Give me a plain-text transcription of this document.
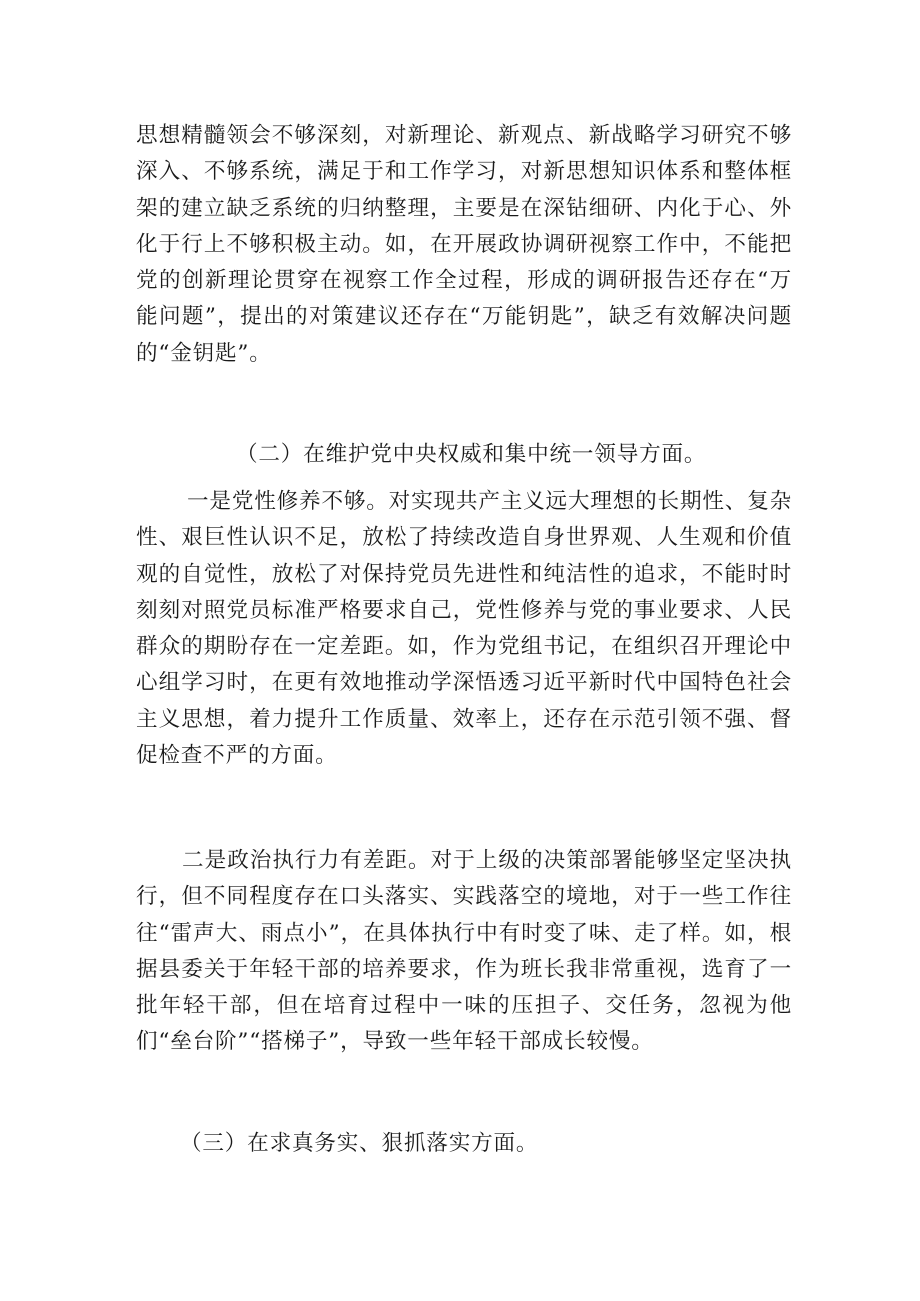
思想精髓领会不够深刻，对新理论、新观点、新战略学习研究不够深入、不够系统，满足于和工作学习，对新思想知识体系和整体框架的建立缺乏系统的归纳整理，主要是在深钻细研、内化于心、外化于行上不够积极主动。如，在开展政协调研视察工作中，不能把党的创新理论贯穿在视察工作全过程，形成的调研报告还存在“万能问题”，提出的对策建议还存在“万能钥匙”，缺乏有效解决问题的“金钥匙”。

（二）在维护党中央权威和集中统一领导方面。

一是党性修养不够。对实现共产主义远大理想的长期性、复杂性、艰巨性认识不足，放松了持续改造自身世界观、人生观和价值观的自觉性，放松了对保持党员先进性和纯洁性的追求，不能时时刻刻对照党员标准严格要求自己，党性修养与党的事业要求、人民群众的期盼存在一定差距。如，作为党组书记，在组织召开理论中心组学习时，在更有效地推动学深悟透习近平新时代中国特色社会主义思想，着力提升工作质量、效率上，还存在示范引领不强、督促检查不严的方面。

二是政治执行力有差距。对于上级的决策部署能够坚定坚决执行，但不同程度存在口头落实、实践落空的境地，对于一些工作往往“雷声大、雨点小”，在具体执行中有时变了味、走了样。如，根据县委关于年轻干部的培养要求，作为班长我非常重视，选育了一批年轻干部，但在培育过程中一味的压担子、交任务，忽视为他们“垒台阶”“搭梯子”，导致一些年轻干部成长较慢。

（三）在求真务实、狠抓落实方面。
